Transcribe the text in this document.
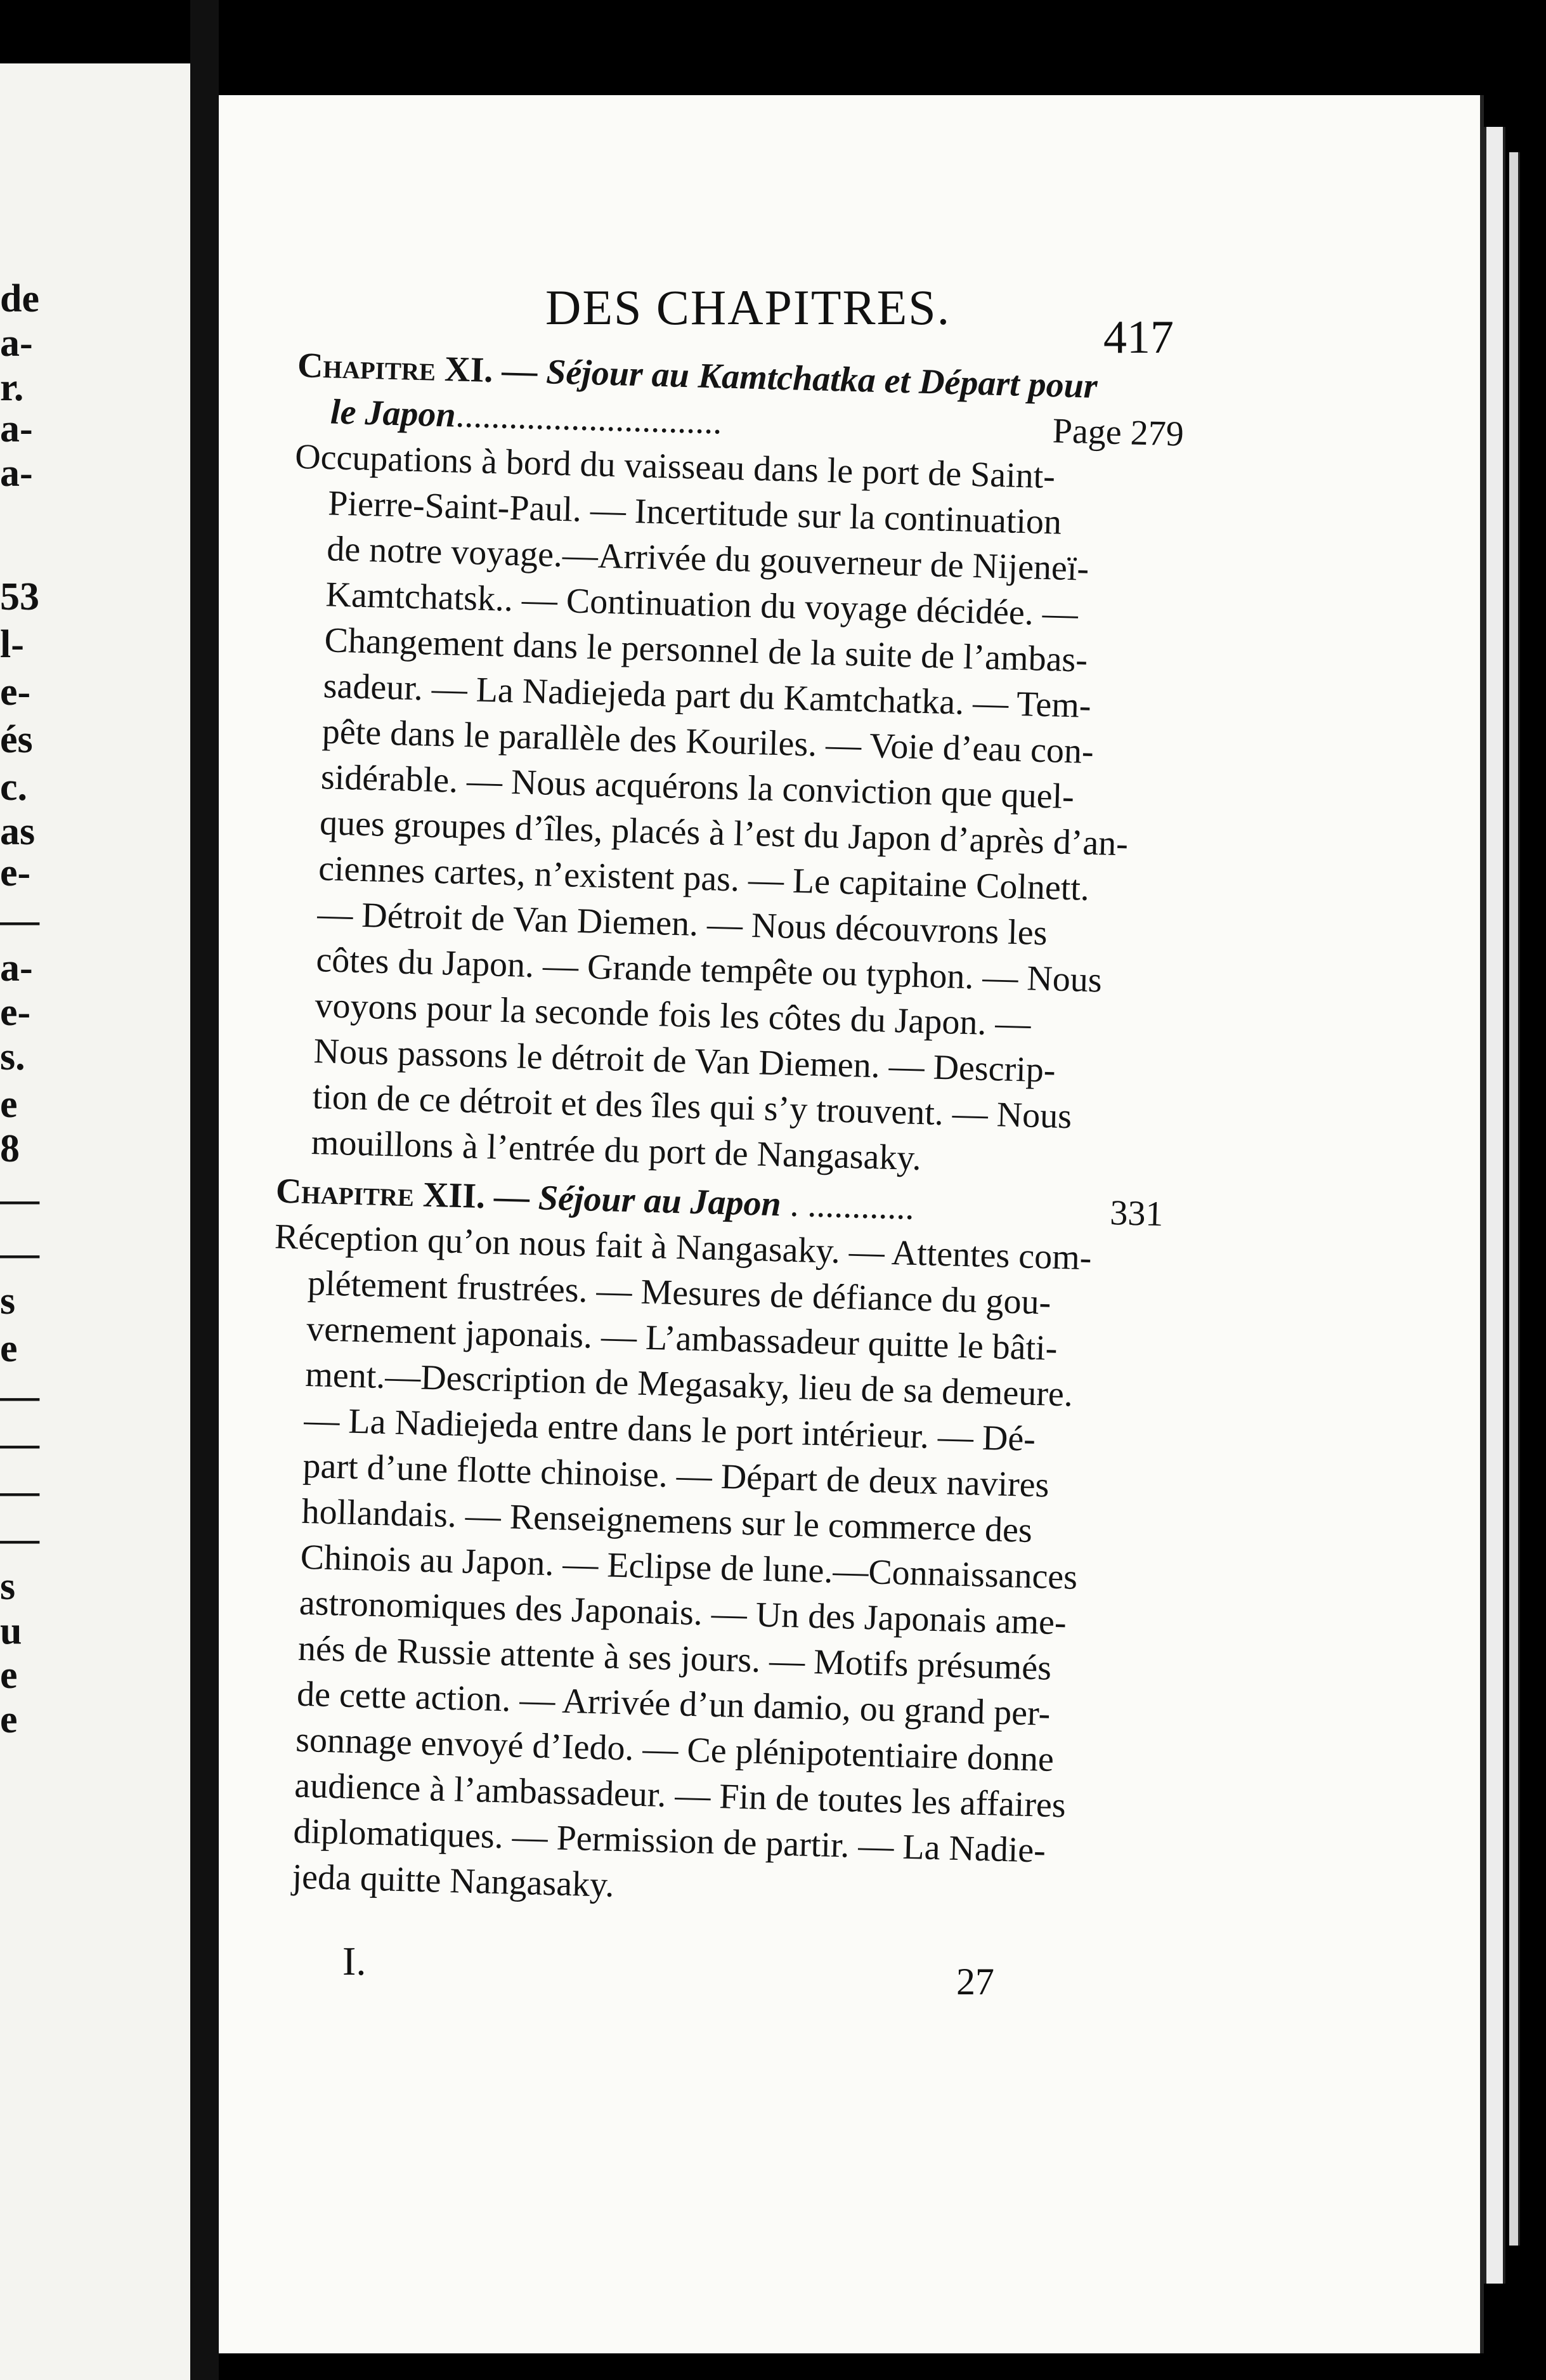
de
a-
r.
a-
a-
53
l-
e-
és
c.
as
e-
—
a-
e-
s.
e
8
—
—
s
e
—
—
—
—
s
u
e
e
DES CHAPITRES.
417
Chapitre XI. — Séjour au Kamtchatka et Départ pour
le Japon..............................	Page 279
Occupations à bord du vaisseau dans le port de Saint-
Pierre-Saint-Paul. — Incertitude sur la continuation
de notre voyage.—Arrivée du gouverneur de Nijeneï-
Kamtchatsk.. — Continuation du voyage décidée. —
Changement dans le personnel de la suite de l’ambas-
sadeur. — La Nadiejeda part du Kamtchatka. — Tem-
pête dans le parallèle des Kouriles. — Voie d’eau con-
sidérable. — Nous acquérons la conviction que quel-
ques groupes d’îles, placés à l’est du Japon d’après d’an-
ciennes cartes, n’existent pas. — Le capitaine Colnett.
— Détroit de Van Diemen. — Nous découvrons les
côtes du Japon. — Grande tempête ou typhon. — Nous
voyons pour la seconde fois les côtes du Japon. —
Nous passons le détroit de Van Diemen. — Descrip-
tion de ce détroit et des îles qui s’y trouvent. — Nous
mouillons à l’entrée du port de Nangasaky.
Chapitre XII. — Séjour au Japon . ............	331
Réception qu’on nous fait à Nangasaky. — Attentes com-
plétement frustrées. — Mesures de défiance du gou-
vernement japonais. — L’ambassadeur quitte le bâti-
ment.—Description de Megasaky, lieu de sa demeure.
— La Nadiejeda entre dans le port intérieur. — Dé-
part d’une flotte chinoise. — Départ de deux navires
hollandais. — Renseignemens sur le commerce des
Chinois au Japon. — Eclipse de lune.—Connaissances
astronomiques des Japonais. — Un des Japonais ame-
nés de Russie attente à ses jours. — Motifs présumés
de cette action. — Arrivée d’un damio, ou grand per-
sonnage envoyé d’Iedo. — Ce plénipotentiaire donne
audience à l’ambassadeur. — Fin de toutes les affaires
diplomatiques. — Permission de partir. — La Nadie-
jeda quitte Nangasaky.
I.	27
